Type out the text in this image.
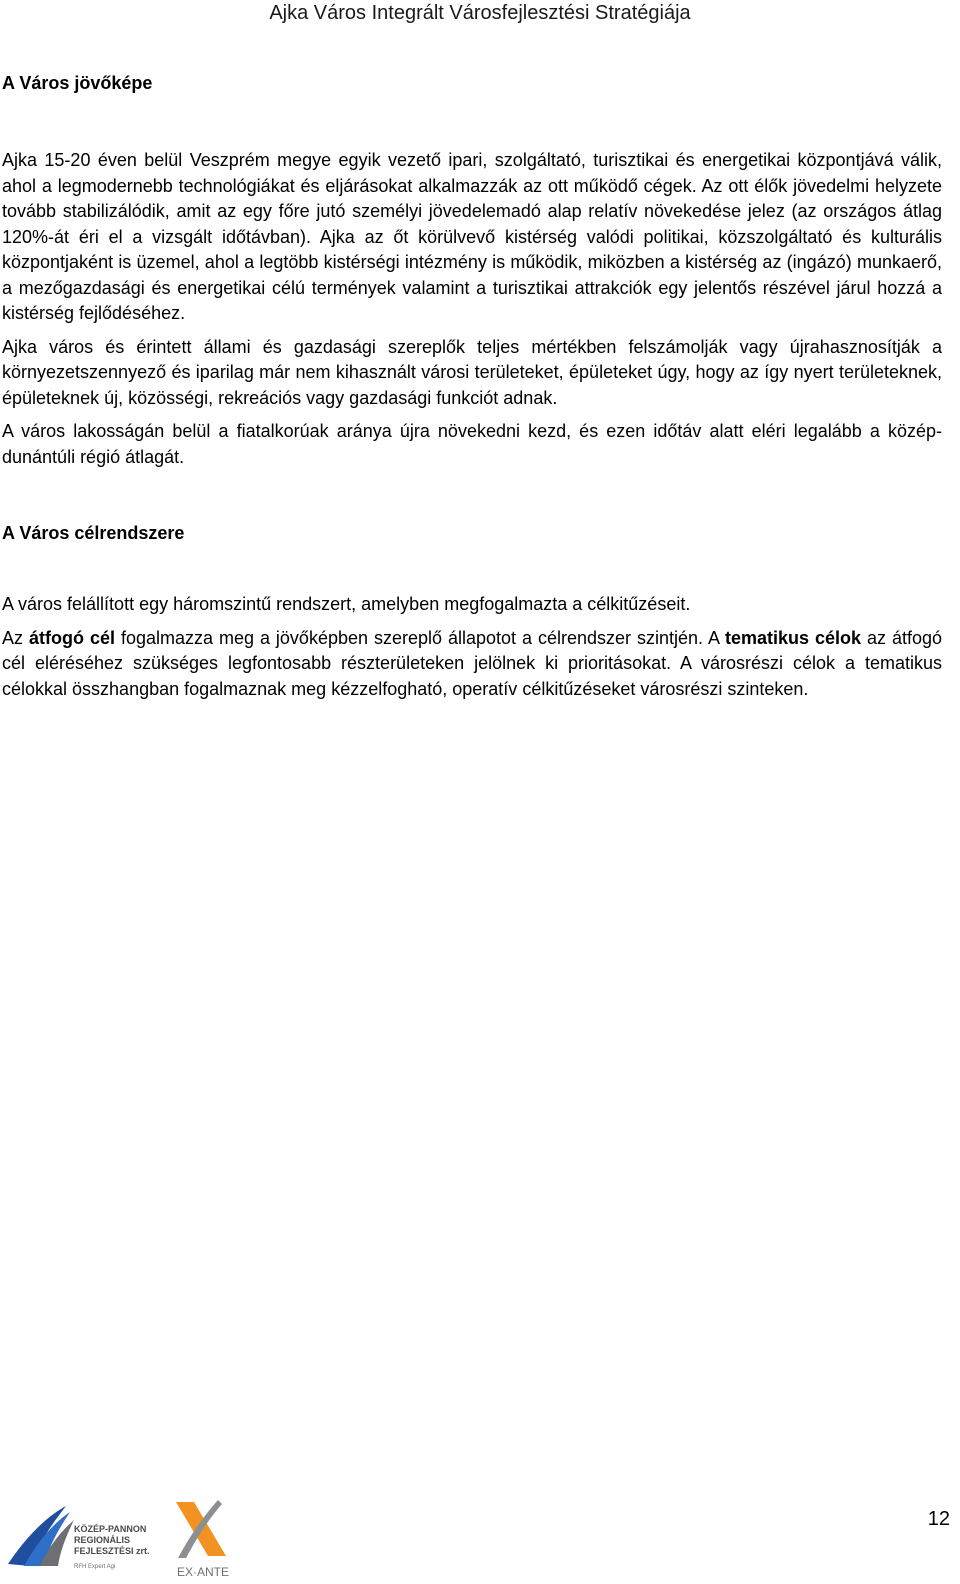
Ajka Város Integrált Városfejlesztési Stratégiája
A Város jövőképe

Ajka 15-20 éven belül Veszprém megye egyik vezető ipari, szolgáltató, turisztikai és energetikai központjává válik, ahol a legmodernebb technológiákat és eljárásokat alkalmazzák az ott működő cégek. Az ott élők jövedelmi helyzete tovább stabilizálódik, amit az egy főre jutó személyi jövedelemadó alap relatív növekedése jelez (az országos átlag 120%-át éri el a vizsgált időtávban). Ajka az őt körülvevő kistérség valódi politikai, közszolgáltató és kulturális központjaként is üzemel, ahol a legtöbb kistérségi intézmény is működik, miközben a kistérség az (ingázó) munkaerő, a mezőgazdasági és energetikai célú termények valamint a turisztikai attrakciók egy jelentős részével járul hozzá a kistérség fejlődéséhez.

Ajka város és érintett állami és gazdasági szereplők teljes mértékben felszámolják vagy újrahasznosítják a környezetszennyező és iparilag már nem kihasznált városi területeket, épületeket úgy, hogy az így nyert területeknek, épületeknek új, közösségi, rekreációs vagy gazdasági funkciót adnak.

A város lakosságán belül a fiatalkorúak aránya újra növekedni kezd, és ezen időtáv alatt eléri legalább a közép-dunántúli régió átlagát.

A Város célrendszere

A város felállított egy háromszintű rendszert, amelyben megfogalmazta a célkitűzéseit.

Az átfogó cél fogalmazza meg a jövőképben szereplő állapotot a célrendszer szintjén. A tematikus célok az átfogó cél eléréséhez szükséges legfontosabb részterületeken jelölnek ki prioritásokat. A városrészi célok a tematikus célokkal összhangban fogalmaznak meg kézzelfogható, operatív célkitűzéseket városrészi szinteken.

KÖZÉP-PANNON
REGIONÁLIS
FEJLESZTÉSI zrt.
RFH Expert Agi	EX·ANTE
12
